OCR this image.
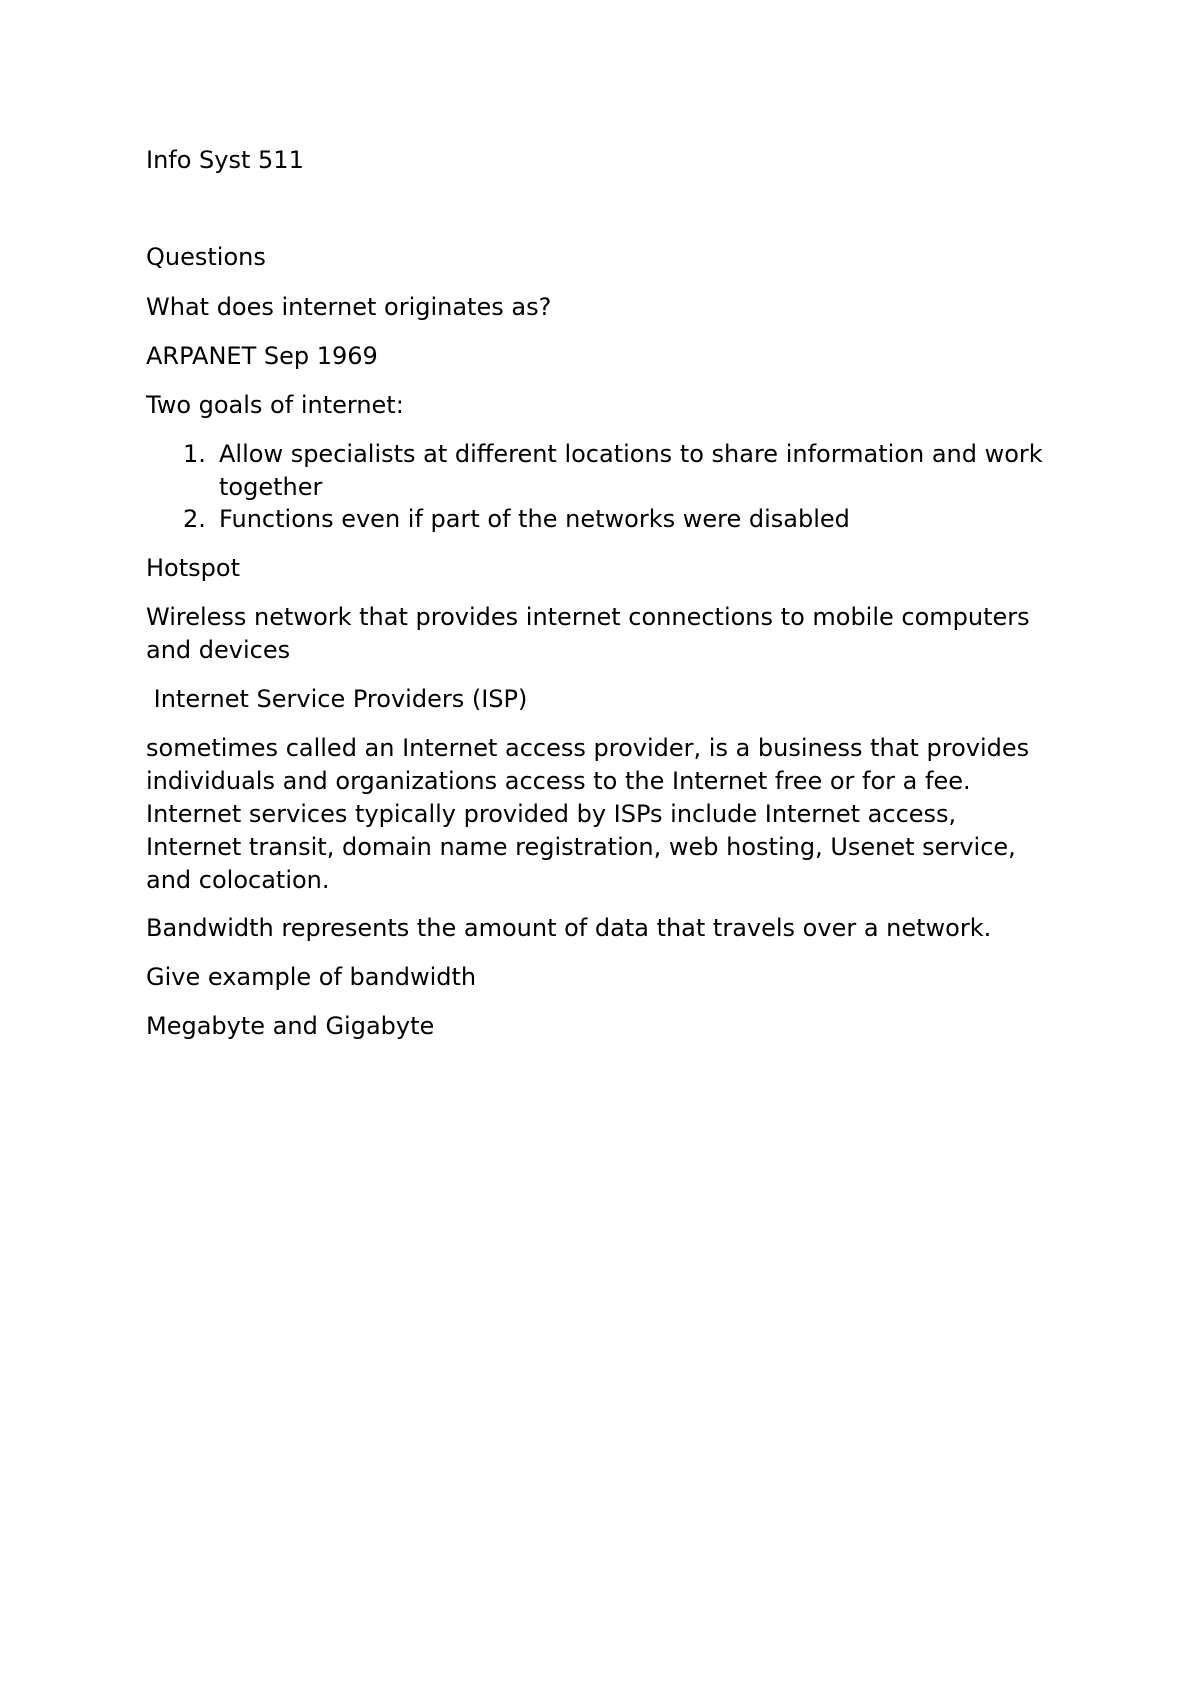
Info Syst 511
Questions
What does internet originates as?
ARPANET Sep 1969
Two goals of internet:
1. Allow specialists at different locations to share information and work
together
2. Functions even if part of the networks were disabled
Hotspot
Wireless network that provides internet connections to mobile computers
and devices
Internet Service Providers (ISP)
sometimes called an Internet access provider, is a business that provides
individuals and organizations access to the Internet free or for a fee.
Internet services typically provided by ISPs include Internet access,
Internet transit, domain name registration, web hosting, Usenet service,
and colocation.
Bandwidth represents the amount of data that travels over a network.
Give example of bandwidth
Megabyte and Gigabyte
